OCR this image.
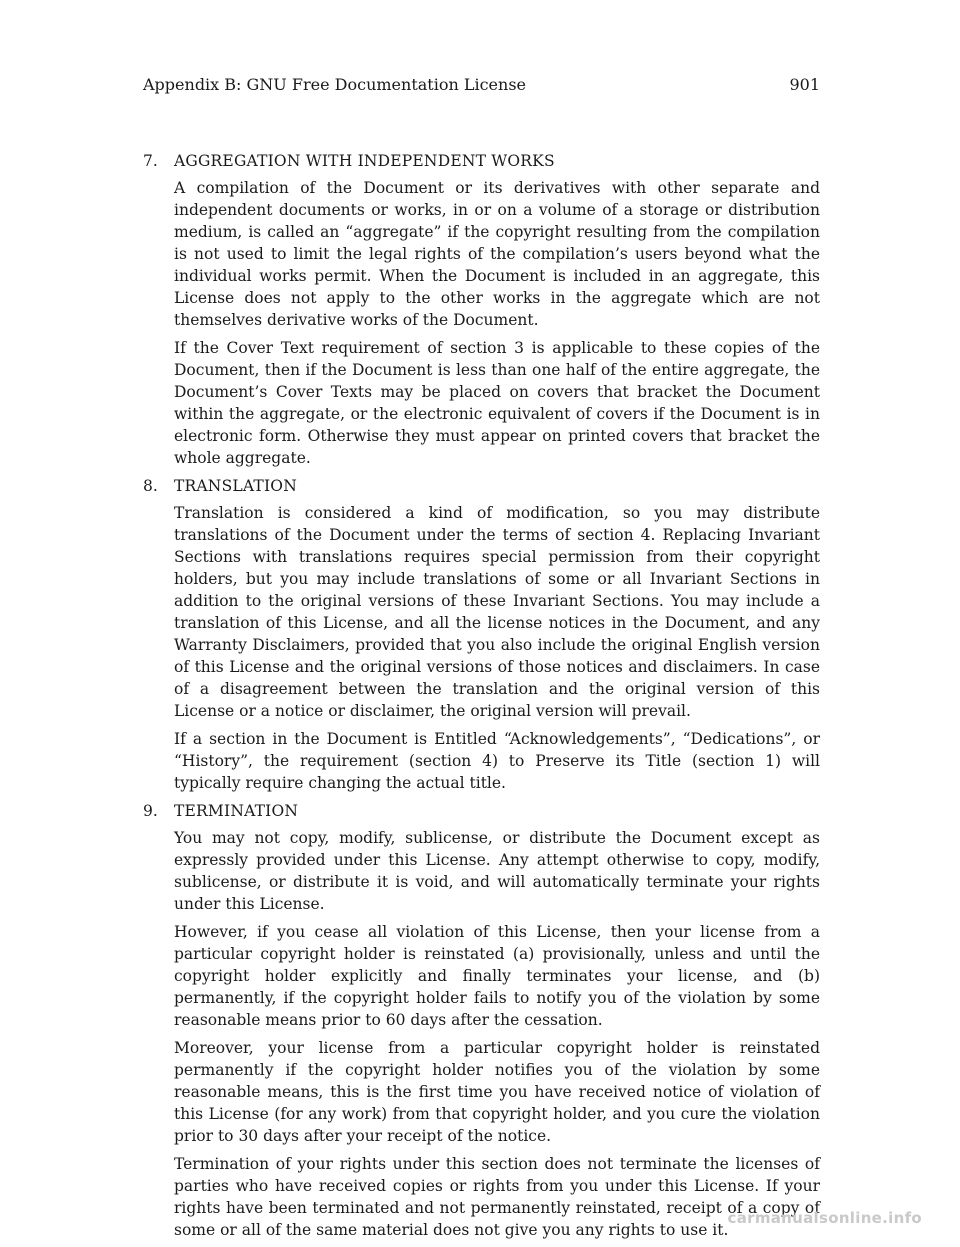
Appendix B: GNU Free Documentation License	901
7.	AGGREGATION WITH INDEPENDENT WORKS

A compilation of the Document or its derivatives with other separate and independent documents or works, in or on a volume of a storage or distribution medium, is called an “aggregate” if the copyright resulting from the compilation is not used to limit the legal rights of the compilation’s users beyond what the individual works permit. When the Document is included in an aggregate, this License does not apply to the other works in the aggregate which are not themselves derivative works of the Document.

If the Cover Text requirement of section 3 is applicable to these copies of the Document, then if the Document is less than one half of the entire aggregate, the Document’s Cover Texts may be placed on covers that bracket the Document within the aggregate, or the electronic equivalent of covers if the Document is in electronic form. Otherwise they must appear on printed covers that bracket the whole aggregate.

8.	TRANSLATION

Translation is considered a kind of modification, so you may distribute translations of the Document under the terms of section 4. Replacing Invariant Sections with translations requires special permission from their copyright holders, but you may include translations of some or all Invariant Sections in addition to the original versions of these Invariant Sections. You may include a translation of this License, and all the license notices in the Document, and any Warranty Disclaimers, provided that you also include the original English version of this License and the original versions of those notices and disclaimers. In case of a disagreement between the translation and the original version of this License or a notice or disclaimer, the original version will prevail.

If a section in the Document is Entitled “Acknowledgements”, “Dedications”, or “History”, the requirement (section 4) to Preserve its Title (section 1) will typically require changing the actual title.

9.	TERMINATION

You may not copy, modify, sublicense, or distribute the Document except as expressly provided under this License. Any attempt otherwise to copy, modify, sublicense, or distribute it is void, and will automatically terminate your rights under this License.

However, if you cease all violation of this License, then your license from a particular copyright holder is reinstated (a) provisionally, unless and until the copyright holder explicitly and finally terminates your license, and (b) permanently, if the copyright holder fails to notify you of the violation by some reasonable means prior to 60 days after the cessation.

Moreover, your license from a particular copyright holder is reinstated permanently if the copyright holder notifies you of the violation by some reasonable means, this is the first time you have received notice of violation of this License (for any work) from that copyright holder, and you cure the violation prior to 30 days after your receipt of the notice.

Termination of your rights under this section does not terminate the licenses of parties who have received copies or rights from you under this License. If your rights have been terminated and not permanently reinstated, receipt of a copy of some or all of the same material does not give you any rights to use it.

carmanualsonline.info
